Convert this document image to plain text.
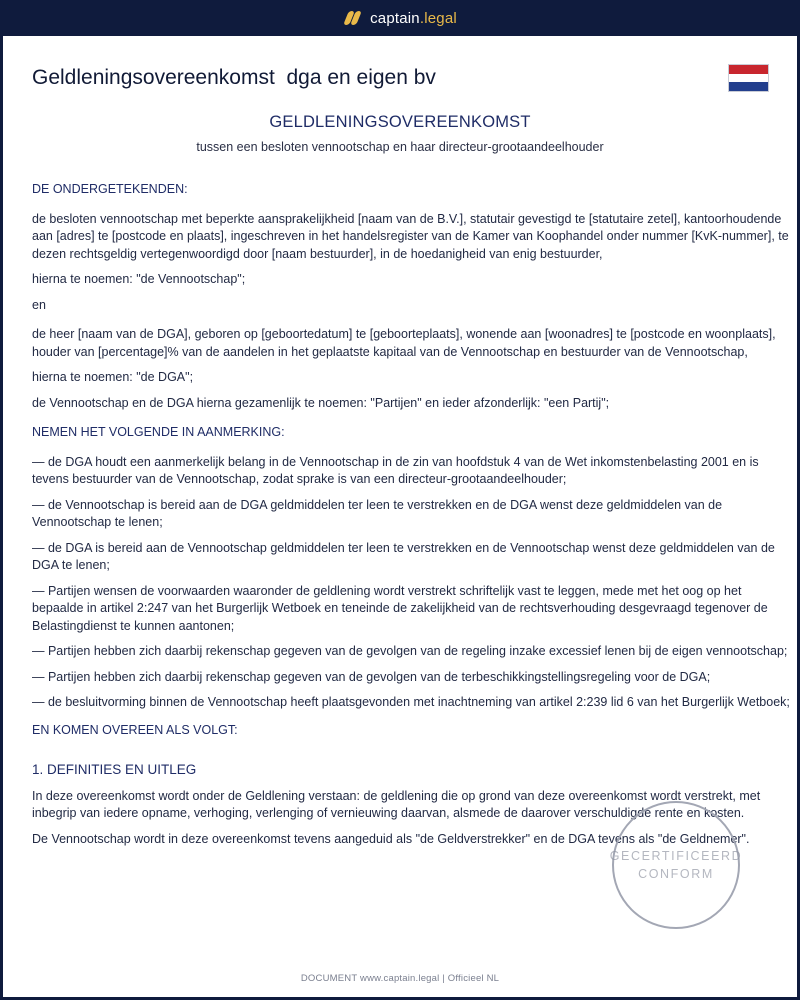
captain.legal
Geldleningsovereenkomst  dga en eigen bv
GELDLENINGSOVEREENKOMST
tussen een besloten vennootschap en haar directeur-grootaandeelhouder

DE ONDERGETEKENDEN:

de besloten vennootschap met beperkte aansprakelijkheid [naam van de B.V.], statutair gevestigd te [statutaire zetel], kantoorhoudende aan [adres] te [postcode en plaats], ingeschreven in het handelsregister van de Kamer van Koophandel onder nummer [KvK-nummer], te dezen rechtsgeldig vertegenwoordigd door [naam bestuurder], in de hoedanigheid van enig bestuurder,

hierna te noemen: "de Vennootschap";

en

de heer [naam van de DGA], geboren op [geboortedatum] te [geboorteplaats], wonende aan [woonadres] te [postcode en woonplaats], houder van [percentage]% van de aandelen in het geplaatste kapitaal van de Vennootschap en bestuurder van de Vennootschap,

hierna te noemen: "de DGA";

de Vennootschap en de DGA hierna gezamenlijk te noemen: "Partijen" en ieder afzonderlijk: "een Partij";

NEMEN HET VOLGENDE IN AANMERKING:

— de DGA houdt een aanmerkelijk belang in de Vennootschap in de zin van hoofdstuk 4 van de Wet inkomstenbelasting 2001 en is tevens bestuurder van de Vennootschap, zodat sprake is van een directeur-grootaandeelhouder;

— de Vennootschap is bereid aan de DGA geldmiddelen ter leen te verstrekken en de DGA wenst deze geldmiddelen van de Vennootschap te lenen;

— de DGA is bereid aan de Vennootschap geldmiddelen ter leen te verstrekken en de Vennootschap wenst deze geldmiddelen van de DGA te lenen;

— Partijen wensen de voorwaarden waaronder de geldlening wordt verstrekt schriftelijk vast te leggen, mede met het oog op het bepaalde in artikel 2:247 van het Burgerlijk Wetboek en teneinde de zakelijkheid van de rechtsverhouding desgevraagd tegenover de Belastingdienst te kunnen aantonen;

— Partijen hebben zich daarbij rekenschap gegeven van de gevolgen van de regeling inzake excessief lenen bij de eigen vennootschap;

— Partijen hebben zich daarbij rekenschap gegeven van de gevolgen van de terbeschikkingstellingsregeling voor de DGA;

— de besluitvorming binnen de Vennootschap heeft plaatsgevonden met inachtneming van artikel 2:239 lid 6 van het Burgerlijk Wetboek;

EN KOMEN OVEREEN ALS VOLGT:

1. DEFINITIES EN UITLEG

In deze overeenkomst wordt onder de Geldlening verstaan: de geldlening die op grond van deze overeenkomst wordt verstrekt, met inbegrip van iedere opname, verhoging, verlenging of vernieuwing daarvan, alsmede de daarover verschuldigde rente en kosten.

De Vennootschap wordt in deze overeenkomst tevens aangeduid als "de Geldverstrekker" en de DGA tevens als "de Geldnemer".

GECERTIFICEERD
CONFORM
DOCUMENT www.captain.legal | Officieel NL
